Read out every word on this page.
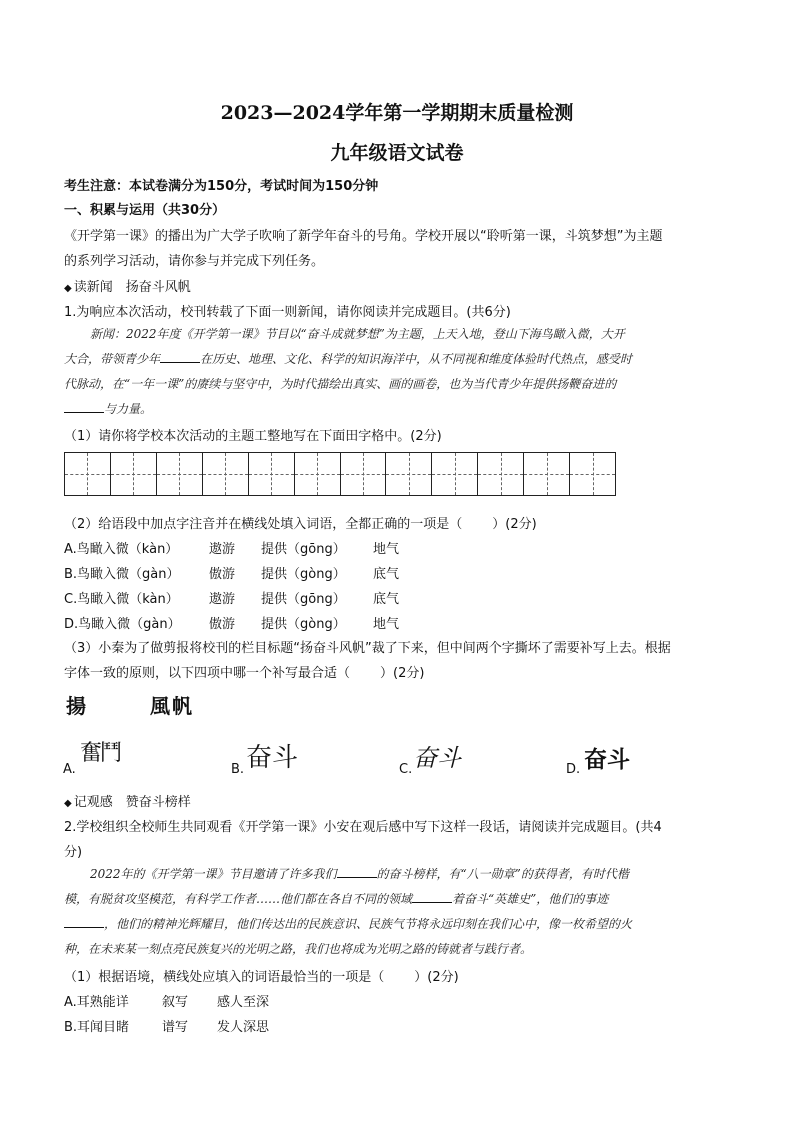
2023—2024学年第一学期期末质量检测
九年级语文试卷
考生注意：本试卷满分为150分，考试时间为150分钟
一、积累与运用（共30分）
《开学第一课》的播出为广大学子吹响了新学年奋斗的号角。学校开展以“聆听第一课，斗筑梦想”为主题
的系列学习活动，请你参与并完成下列任务。
◆ 读新闻　扬奋斗风帆
1.为响应本次活动，校刊转载了下面一则新闻，请你阅读并完成题目。(共6分)
新闻：2022年度《开学第一课》节目以“奋斗成就梦想”为主题，上天入地，登山下海鸟瞰入微，大开
大合，带领青少年	在历史、地理、文化、科学的知识海洋中，从不同视和维度体验时代热点，感受时
代脉动，在“一年一课”的赓续与坚守中，为时代描绘出真实、画的画卷，也为当代青少年提供扬鞭奋进的
与力量。
（1）请你将学校本次活动的主题工整地写在下面田字格中。(2分)
（2）给语段中加点字注音并在横线处填入词语，全都正确的一项是（ ）(2分)
A.鸟瞰入微（kàn） 遨游 提供（gōng） 地气
B.鸟瞰入微（gàn） 傲游 提供（gòng） 底气
C.鸟瞰入微（kàn） 遨游 提供（gōng） 底气
D.鸟瞰入微（gàn） 傲游 提供（gòng） 地气
（3）小秦为了做剪报将校刊的栏目标题“扬奋斗风帆”裁了下来，但中间两个字撕坏了需要补写上去。根据
字体一致的原则，以下四项中哪一个补写最合适（ ）(2分)
揚	風帆
A.
奮鬥
B. 奋斗	C. 奋斗	D. 奋斗
◆ 记观感　赞奋斗榜样
2.学校组织全校师生共同观看《开学第一课》小安在观后感中写下这样一段话，请阅读并完成题目。(共4
分)
2022年的《开学第一课》节目邀请了许多我们	的奋斗榜样，有“八一勋章”的获得者，有时代楷
模，有脱贫攻坚模范，有科学工作者……他们都在各自不同的领域	着奋斗“英雄史”，他们的事迹
，他们的精神光辉耀目，他们传达出的民族意识、民族气节将永远印刻在我们心中，像一枚希望的火
种，在未来某一刻点亮民族复兴的光明之路，我们也将成为光明之路的铸就者与践行者。
（1）根据语境，横线处应填入的词语最恰当的一项是（ ）(2分)
A.耳熟能详	叙写 感人至深
B.耳闻目睹	谱写 发人深思
